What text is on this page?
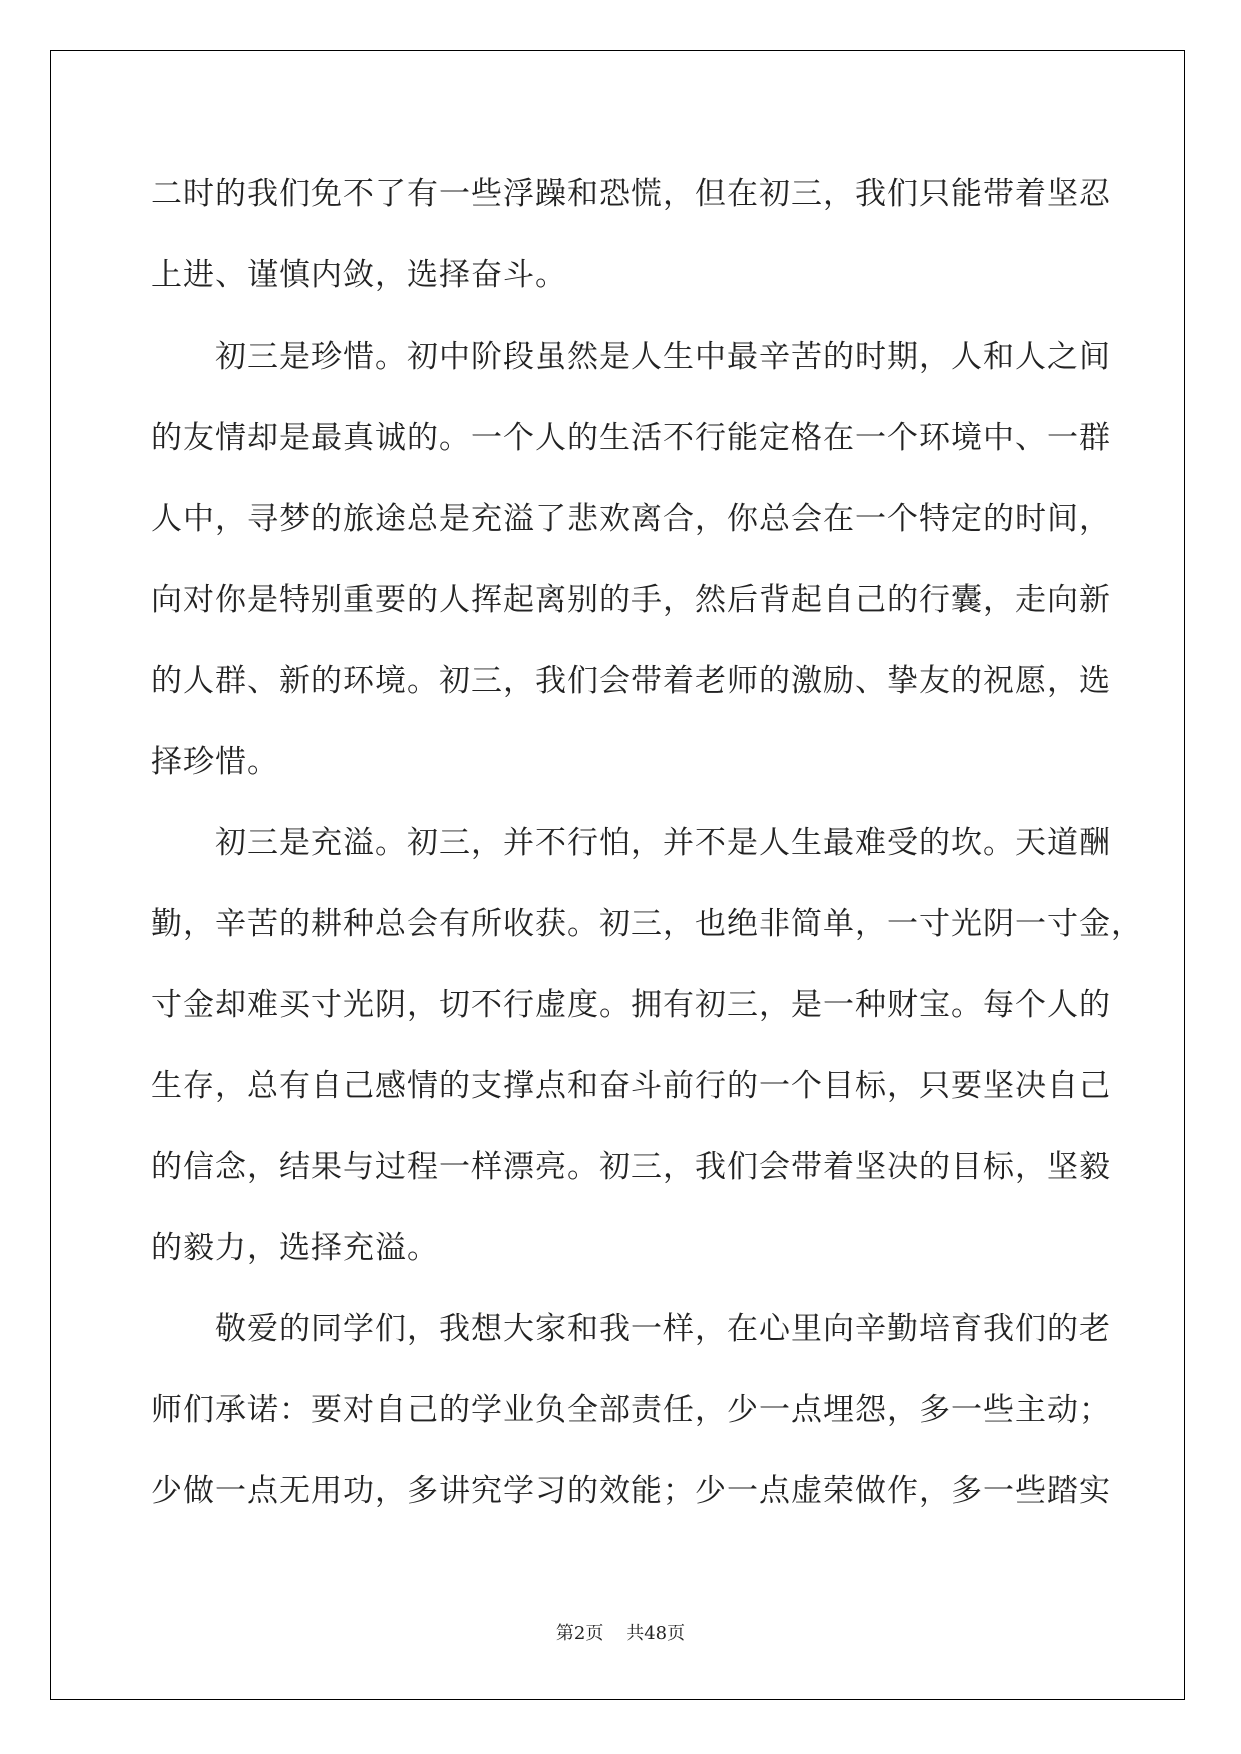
二时的我们免不了有一些浮躁和恐慌，但在初三，我们只能带着坚忍

上进、谨慎内敛，选择奋斗。

初三是珍惜。初中阶段虽然是人生中最辛苦的时期，人和人之间

的友情却是最真诚的。一个人的生活不行能定格在一个环境中、一群

人中，寻梦的旅途总是充溢了悲欢离合，你总会在一个特定的时间，

向对你是特别重要的人挥起离别的手，然后背起自己的行囊，走向新

的人群、新的环境。初三，我们会带着老师的激励、挚友的祝愿，选

择珍惜。

初三是充溢。初三，并不行怕，并不是人生最难受的坎。天道酬

勤，辛苦的耕种总会有所收获。初三，也绝非简单，一寸光阴一寸金，

寸金却难买寸光阴，切不行虚度。拥有初三，是一种财宝。每个人的

生存，总有自己感情的支撑点和奋斗前行的一个目标，只要坚决自己

的信念，结果与过程一样漂亮。初三，我们会带着坚决的目标，坚毅

的毅力，选择充溢。

敬爱的同学们，我想大家和我一样，在心里向辛勤培育我们的老

师们承诺：要对自己的学业负全部责任，少一点埋怨，多一些主动；

少做一点无用功，多讲究学习的效能；少一点虚荣做作，多一些踏实

第2页 共48页
